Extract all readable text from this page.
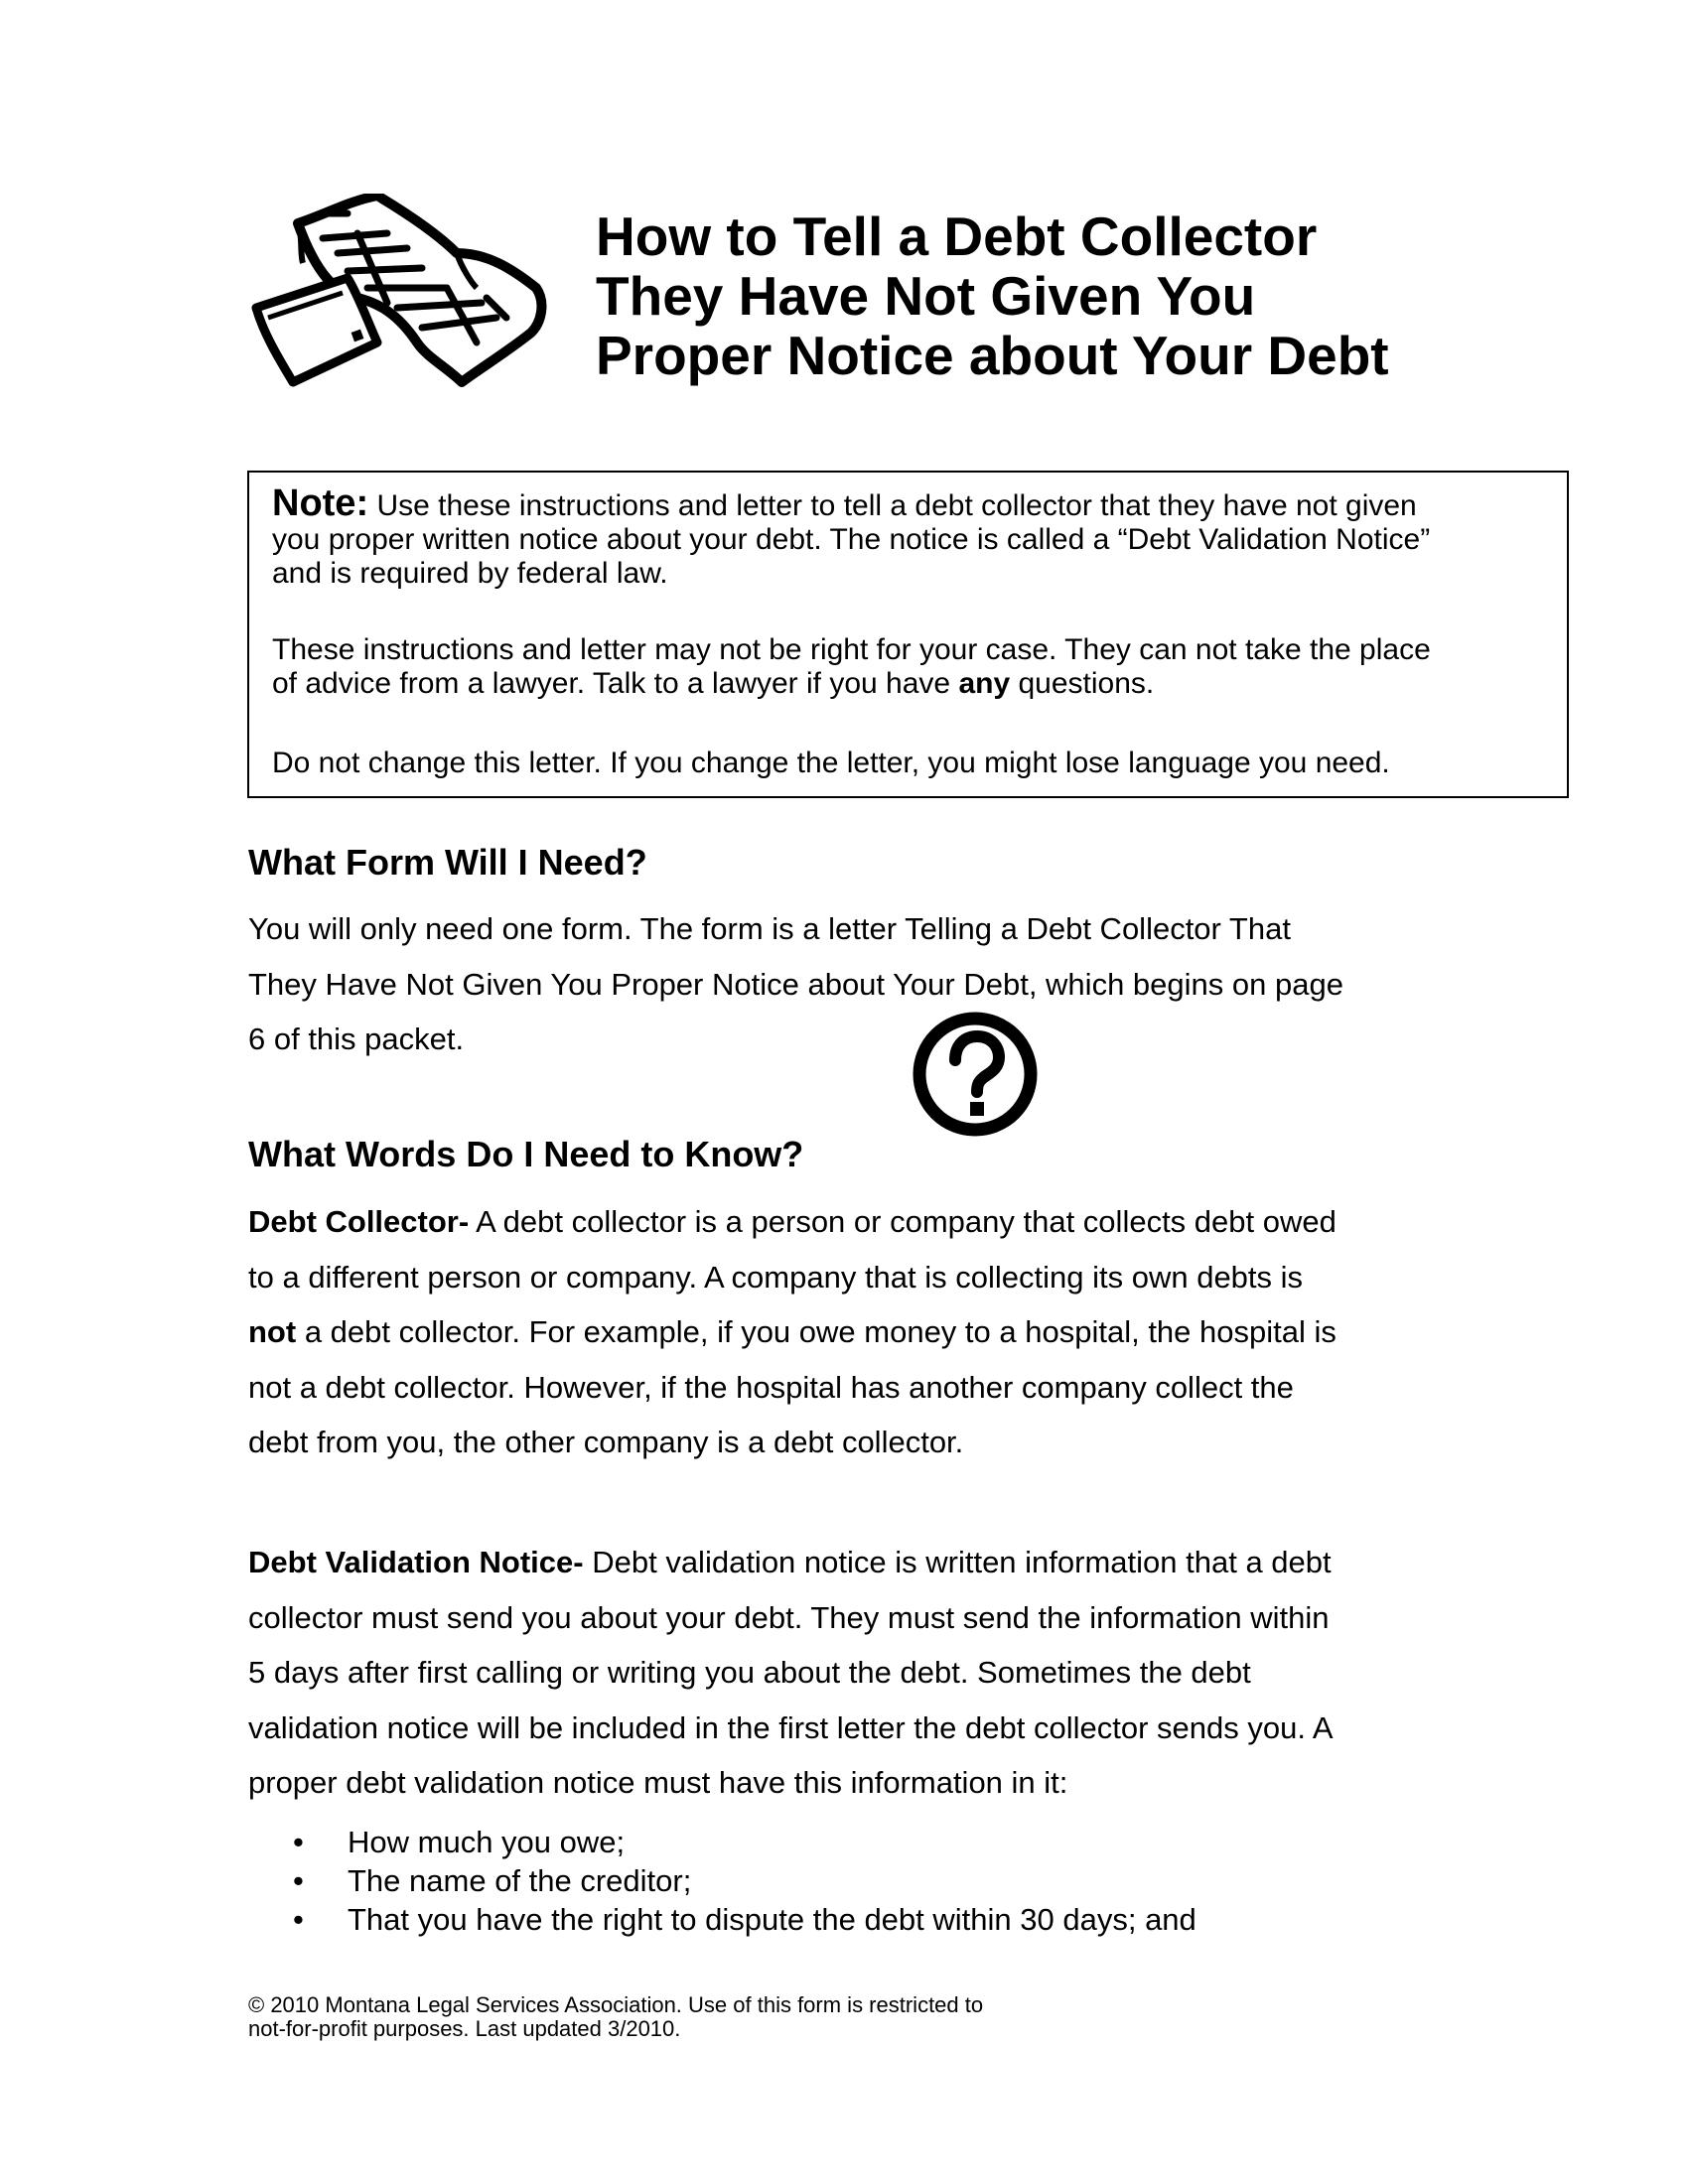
How to Tell a Debt Collector
They Have Not Given You
Proper Notice about Your Debt

Note: Use these instructions and letter to tell a debt collector that they have not given
you proper written notice about your debt. The notice is called a “Debt Validation Notice”
and is required by federal law.

These instructions and letter may not be right for your case. They can not take the place
of advice from a lawyer. Talk to a lawyer if you have any questions.

Do not change this letter. If you change the letter, you might lose language you need.

What Form Will I Need?
You will only need one form. The form is a letter Telling a Debt Collector That
They Have Not Given You Proper Notice about Your Debt, which begins on page
6 of this packet.
What Words Do I Need to Know?
Debt Collector- A debt collector is a person or company that collects debt owed
to a different person or company. A company that is collecting its own debts is
not a debt collector. For example, if you owe money to a hospital, the hospital is
not a debt collector. However, if the hospital has another company collect the
debt from you, the other company is a debt collector.
Debt Validation Notice- Debt validation notice is written information that a debt
collector must send you about your debt. They must send the information within
5 days after first calling or writing you about the debt. Sometimes the debt
validation notice will be included in the first letter the debt collector sends you. A
proper debt validation notice must have this information in it:
• How much you owe;
• The name of the creditor;
• That you have the right to dispute the debt within 30 days; and

© 2010 Montana Legal Services Association. Use of this form is restricted to
not-for-profit purposes. Last updated 3/2010.
